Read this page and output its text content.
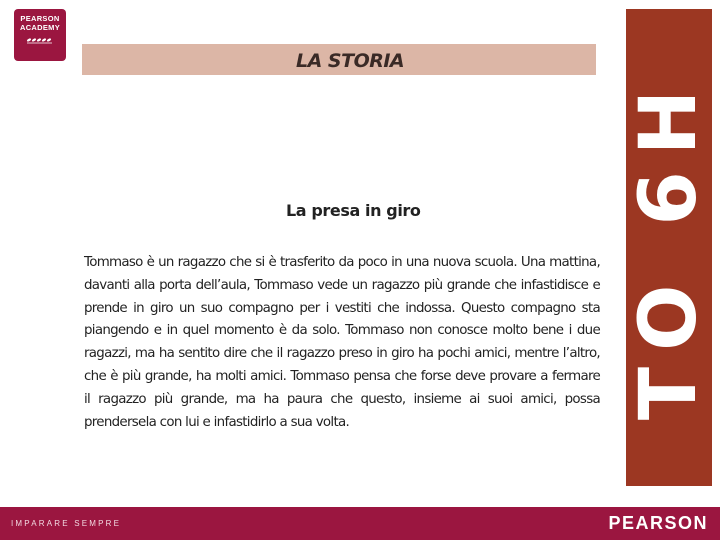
PEARSON
ACADEMY
LA STORIA
La presa in giro

Tommaso è un ragazzo che si è trasferito da poco in una nuova scuola. Una mattina, davanti alla porta dell’aula, Tommaso vede un ragazzo più grande che infastidisce e prende in giro un suo compagno per i vestiti che indossa. Questo compagno sta piangendo e in quel momento è da solo. Tommaso non conosce molto bene i due ragazzi, ma ha sentito dire che il ragazzo preso in giro ha pochi amici, mentre l’altro, che è più grande, ha molti amici. Tommaso pensa che forse deve provare a fermare il ragazzo più grande, ma ha paura che questo, insieme ai suoi amici, possa prendersela con lui e infastidirlo a sua volta.

TO 6H
IMPARARE SEMPRE	PEARSON
